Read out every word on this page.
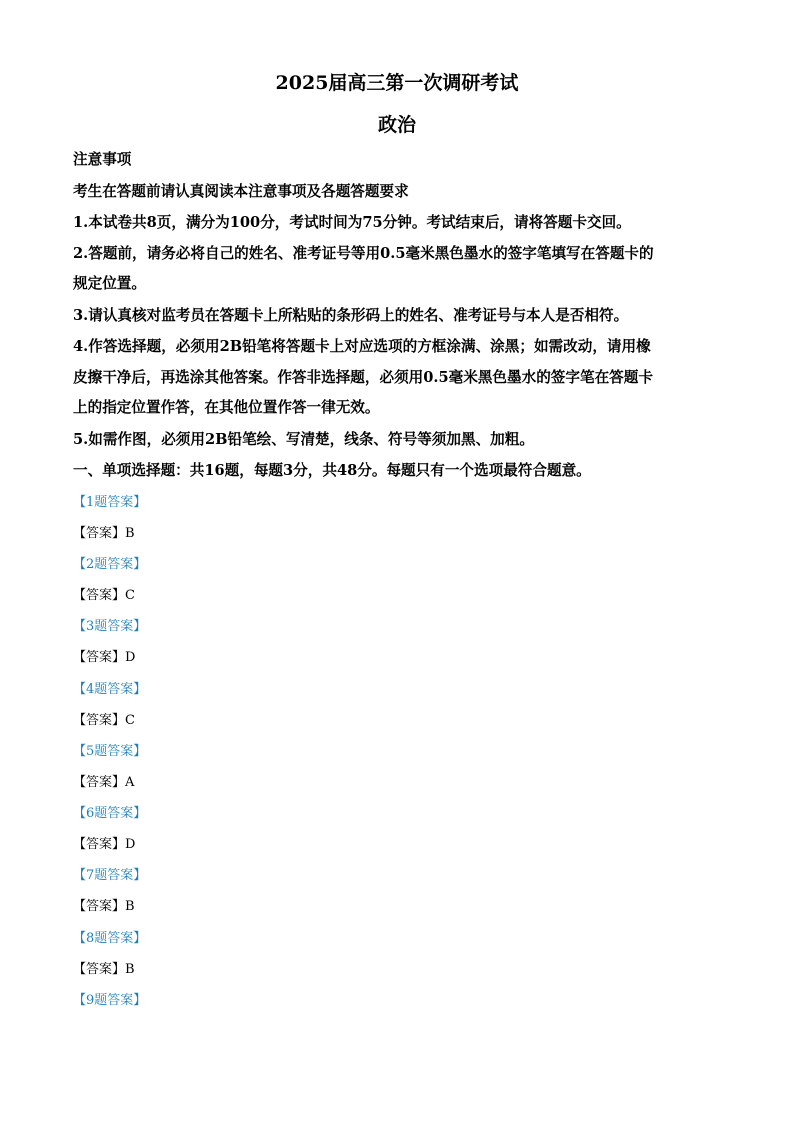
2025届高三第一次调研考试
政治
注意事项
考生在答题前请认真阅读本注意事项及各题答题要求
1.本试卷共8页，满分为100分，考试时间为75分钟。考试结束后，请将答题卡交回。
2.答题前，请务必将自己的姓名、准考证号等用0.5毫米黑色墨水的签字笔填写在答题卡的
规定位置。
3.请认真核对监考员在答题卡上所粘贴的条形码上的姓名、准考证号与本人是否相符。
4.作答选择题，必须用2B铅笔将答题卡上对应选项的方框涂满、涂黑；如需改动，请用橡
皮擦干净后，再选涂其他答案。作答非选择题，必须用0.5毫米黑色墨水的签字笔在答题卡
上的指定位置作答，在其他位置作答一律无效。
5.如需作图，必须用2B铅笔绘、写清楚，线条、符号等须加黑、加粗。
一、单项选择题：共16题，每题3分，共48分。每题只有一个选项最符合题意。
【1题答案】
【答案】B
【2题答案】
【答案】C
【3题答案】
【答案】D
【4题答案】
【答案】C
【5题答案】
【答案】A
【6题答案】
【答案】D
【7题答案】
【答案】B
【8题答案】
【答案】B
【9题答案】
